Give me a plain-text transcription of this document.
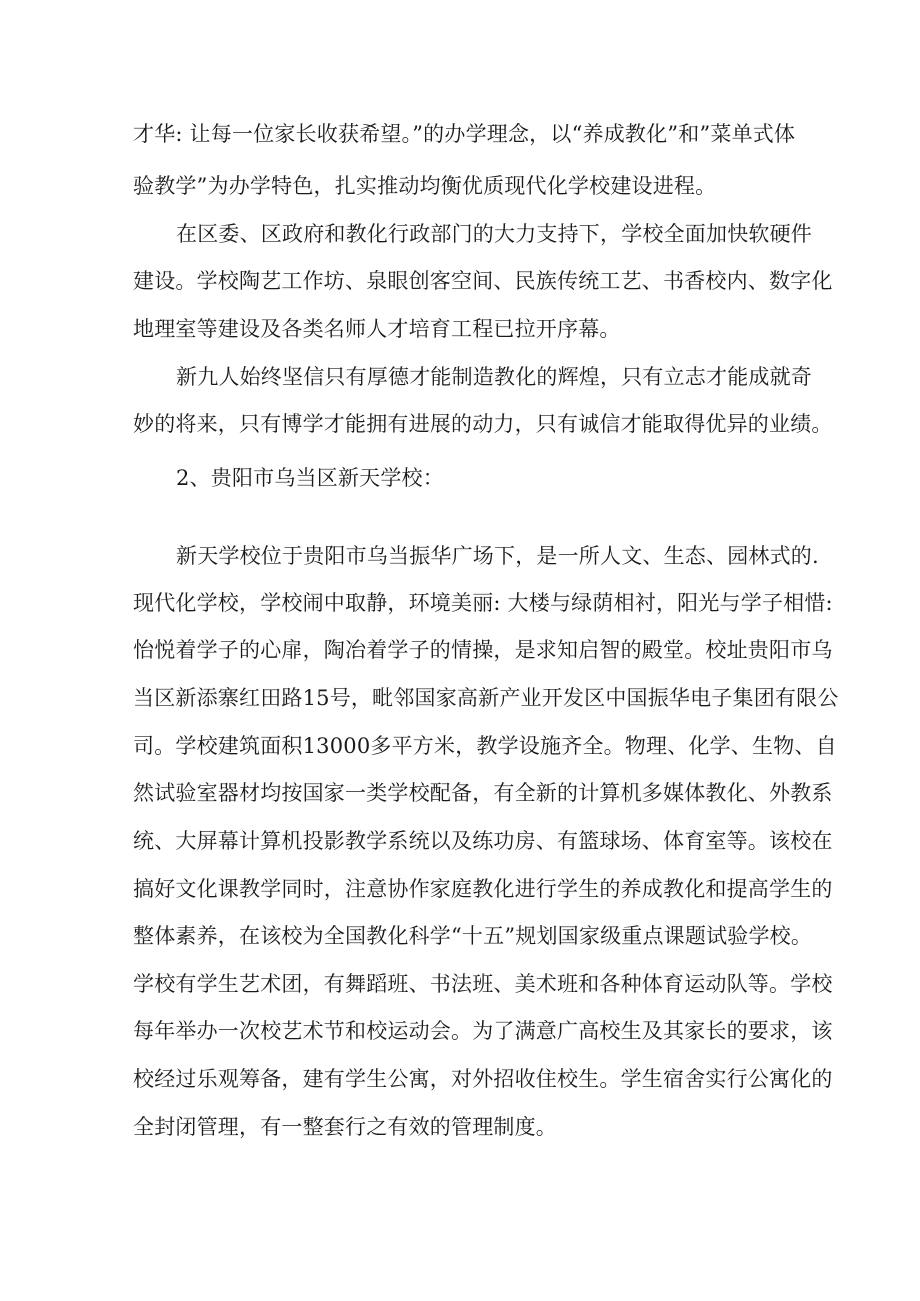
才华: 让每一位家长收获希望。”的办学理念，以“养成教化”和”菜单式体
验教学”为办学特色，扎实推动均衡优质现代化学校建设进程。
在区委、区政府和教化行政部门的大力支持下，学校全面加快软硬件
建设。学校陶艺工作坊、泉眼创客空间、民族传统工艺、书香校内、数字化
地理室等建设及各类名师人才培育工程已拉开序幕。
新九人始终坚信只有厚德才能制造教化的辉煌，只有立志才能成就奇
妙的将来，只有博学才能拥有进展的动力，只有诚信才能取得优异的业绩。
2、贵阳市乌当区新天学校：
新天学校位于贵阳市乌当振华广场下，是一所人文、生态、园林式的.
现代化学校，学校闹中取静，环境美丽: 大楼与绿荫相衬，阳光与学子相惜:
怡悦着学子的心扉，陶冶着学子的情操，是求知启智的殿堂。校址贵阳市乌
当区新添寨红田路15号，毗邻国家高新产业开发区中国振华电子集团有限公
司。学校建筑面积13000多平方米，教学设施齐全。物理、化学、生物、自
然试验室器材均按国家一类学校配备，有全新的计算机多媒体教化、外教系
统、大屏幕计算机投影教学系统以及练功房、有篮球场、体育室等。该校在
搞好文化课教学同时，注意协作家庭教化进行学生的养成教化和提高学生的
整体素养，在该校为全国教化科学“十五”规划国家级重点课题试验学校。
学校有学生艺术团，有舞蹈班、书法班、美术班和各种体育运动队等。学校
每年举办一次校艺术节和校运动会。为了满意广高校生及其家长的要求，该
校经过乐观筹备，建有学生公寓，对外招收住校生。学生宿舍实行公寓化的
全封闭管理，有一整套行之有效的管理制度。
